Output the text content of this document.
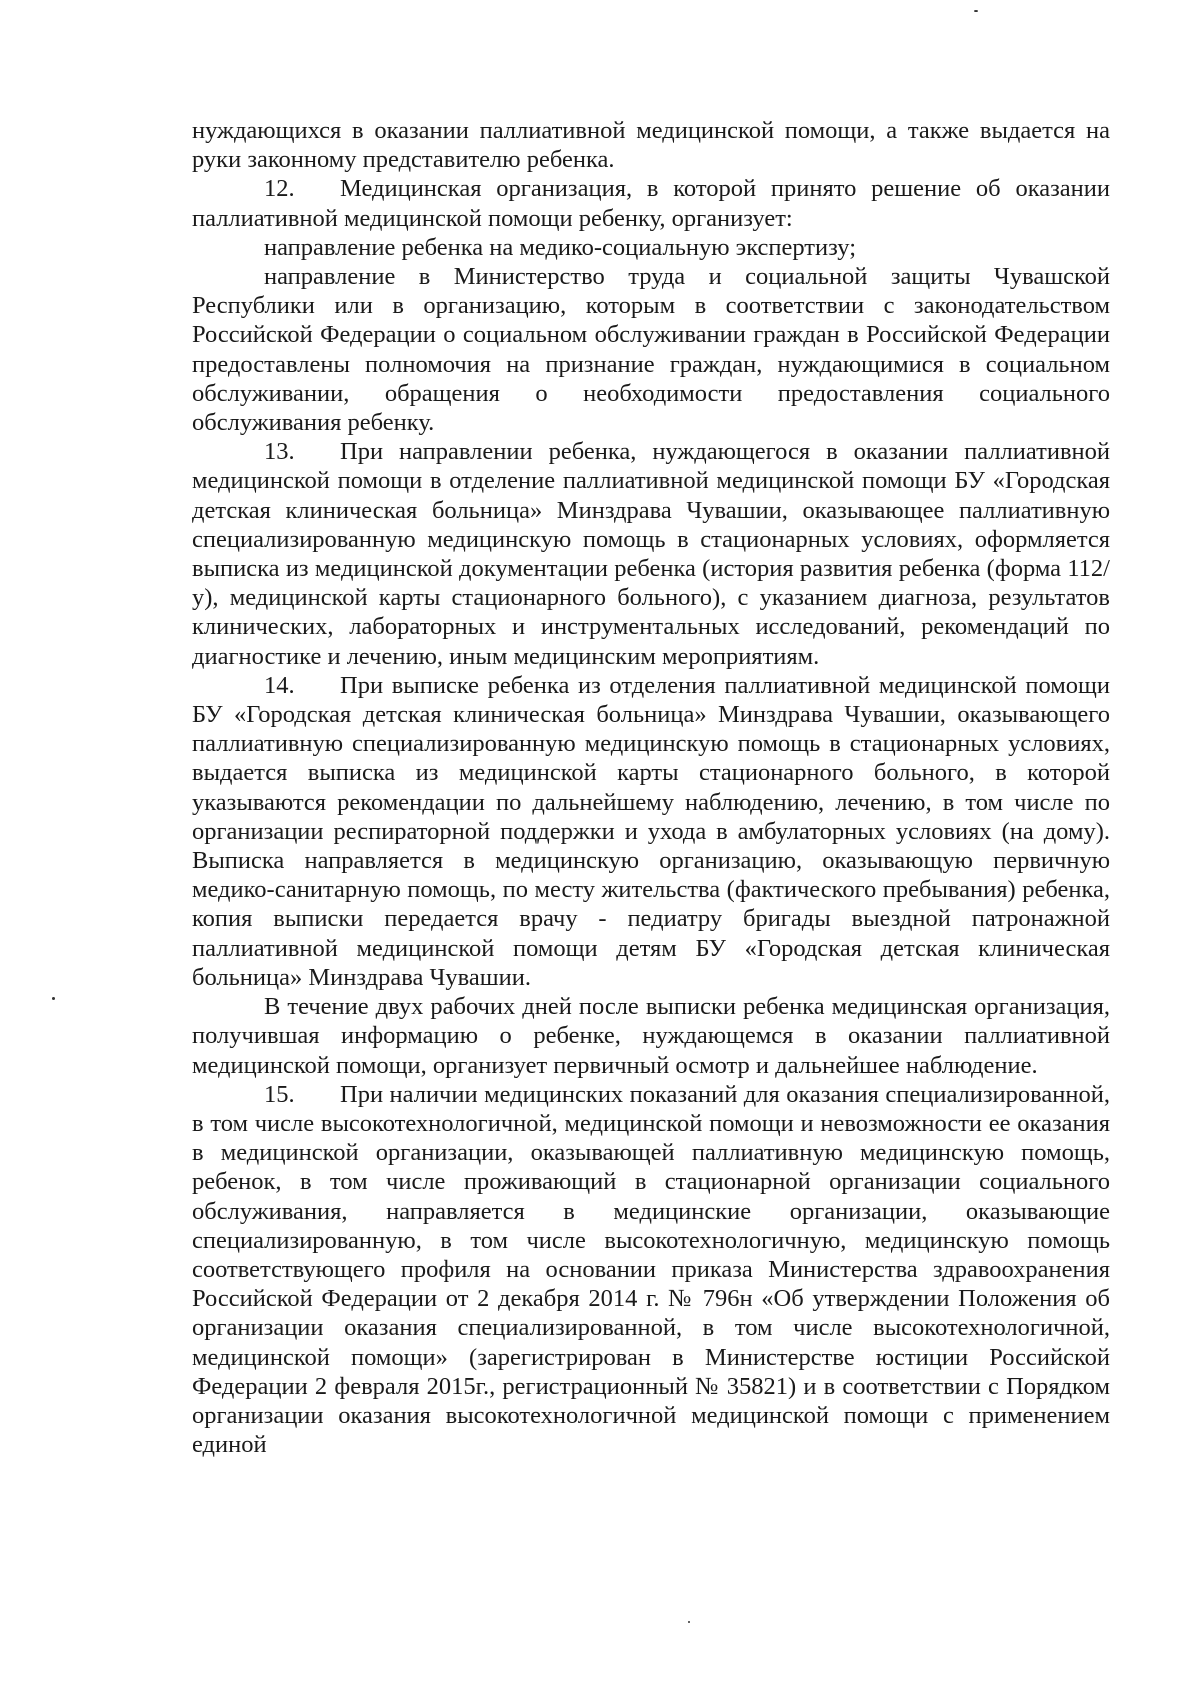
нуждающихся в оказании паллиативной медицинской помощи, а также выдается на руки законному представителю ребенка.

12. Медицинская организация, в которой принято решение об оказании паллиативной медицинской помощи ребенку, организует:

направление ребенка на медико-социальную экспертизу;

направление в Министерство труда и социальной защиты Чувашской Республики или в организацию, которым в соответствии с законодательством Российской Федерации о социальном обслуживании граждан в Российской Федерации предоставлены полномочия на признание граждан, нуждающимися в социальном обслуживании, обращения о необходимости предоставления социального обслуживания ребенку.

13. При направлении ребенка, нуждающегося в оказании паллиативной медицинской помощи в отделение паллиативной медицинской помощи БУ «Городская детская клиническая больница» Минздрава Чувашии, оказывающее паллиативную специализированную медицинскую помощь в стационарных условиях, оформляется выписка из медицинской документации ребенка (история развития ребенка (форма 112/у), медицинской карты стационарного больного), с указанием диагноза, результатов клинических, лабораторных и инструментальных исследований, рекомендаций по диагностике и лечению, иным медицинским мероприятиям.

14. При выписке ребенка из отделения паллиативной медицинской помощи БУ «Городская детская клиническая больница» Минздрава Чувашии, оказывающего паллиативную специализированную медицинскую помощь в стационарных условиях, выдается выписка из медицинской карты стационарного больного, в которой указываются рекомендации по дальнейшему наблюдению, лечению, в том числе по организации респираторной поддержки и ухода в амбулаторных условиях (на дому). Выписка направляется в медицинскую организацию, оказывающую первичную медико-санитарную помощь, по месту жительства (фактического пребывания) ребенка, копия выписки передается врачу - педиатру бригады выездной патронажной паллиативной медицинской помощи детям БУ «Городская детская клиническая больница» Минздрава Чувашии.

В течение двух рабочих дней после выписки ребенка медицинская организация, получившая информацию о ребенке, нуждающемся в оказании паллиативной медицинской помощи, организует первичный осмотр и дальнейшее наблюдение.

15. При наличии медицинских показаний для оказания специализированной, в том числе высокотехнологичной, медицинской помощи и невозможности ее оказания в медицинской организации, оказывающей паллиативную медицинскую помощь, ребенок, в том числе проживающий в стационарной организации социального обслуживания, направляется в медицинские организации, оказывающие специализированную, в том числе высокотехнологичную, медицинскую помощь соответствующего профиля на основании приказа Министерства здравоохранения Российской Федерации от 2 декабря 2014 г. № 796н «Об утверждении Положения об организации оказания специализированной, в том числе высокотехнологичной, медицинской помощи» (зарегистрирован в Министерстве юстиции Российской Федерации 2 февраля 2015г., регистрационный № 35821) и в соответствии с Порядком организации оказания высокотехнологичной медицинской помощи с применением единой
